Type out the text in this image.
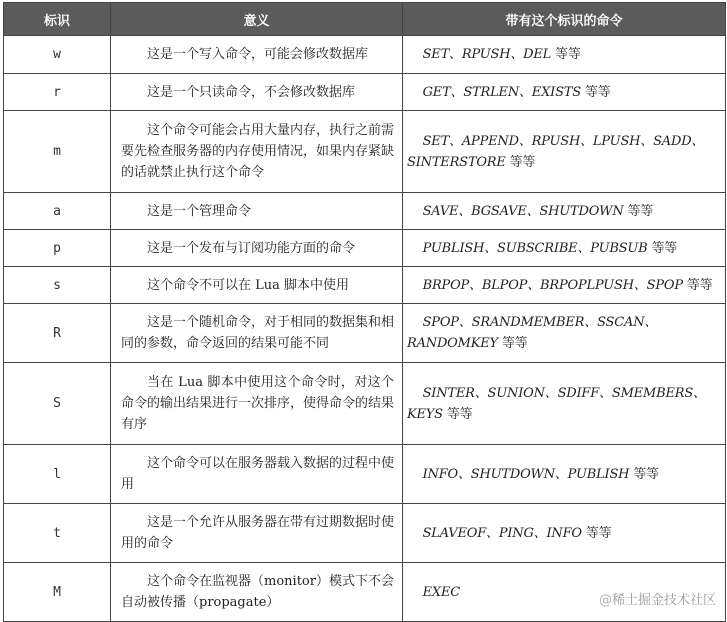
标识	意义	带有这个标识的命令
w	这是一个写入命令，可能会修改数据库	SET、RPUSH、DEL 等等
r	这是一个只读命令，不会修改数据库	GET、STRLEN、EXISTS 等等
m	这个命令可能会占用大量内存，执行之前需要先检查服务器的内存使用情况，如果内存紧缺的话就禁止执行这个命令	SET、APPEND、RPUSH、LPUSH、SADD、SINTERSTORE 等等
a	这是一个管理命令	SAVE、BGSAVE、SHUTDOWN 等等
p	这是一个发布与订阅功能方面的命令	PUBLISH、SUBSCRIBE、PUBSUB 等等
s	这个命令不可以在 Lua 脚本中使用	BRPOP、BLPOP、BRPOPLPUSH、SPOP 等等
R	这是一个随机命令，对于相同的数据集和相同的参数，命令返回的结果可能不同	SPOP、SRANDMEMBER、SSCAN、RANDOMKEY 等等
S	当在 Lua 脚本中使用这个命令时，对这个命令的输出结果进行一次排序，使得命令的结果有序	SINTER、SUNION、SDIFF、SMEMBERS、KEYS 等等
l	这个命令可以在服务器载入数据的过程中使用	INFO、SHUTDOWN、PUBLISH 等等
t	这是一个允许从服务器在带有过期数据时使用的命令	SLAVEOF、PING、INFO 等等
M	这个命令在监视器（monitor）模式下不会自动被传播（propagate）	EXEC
@稀土掘金技术社区
